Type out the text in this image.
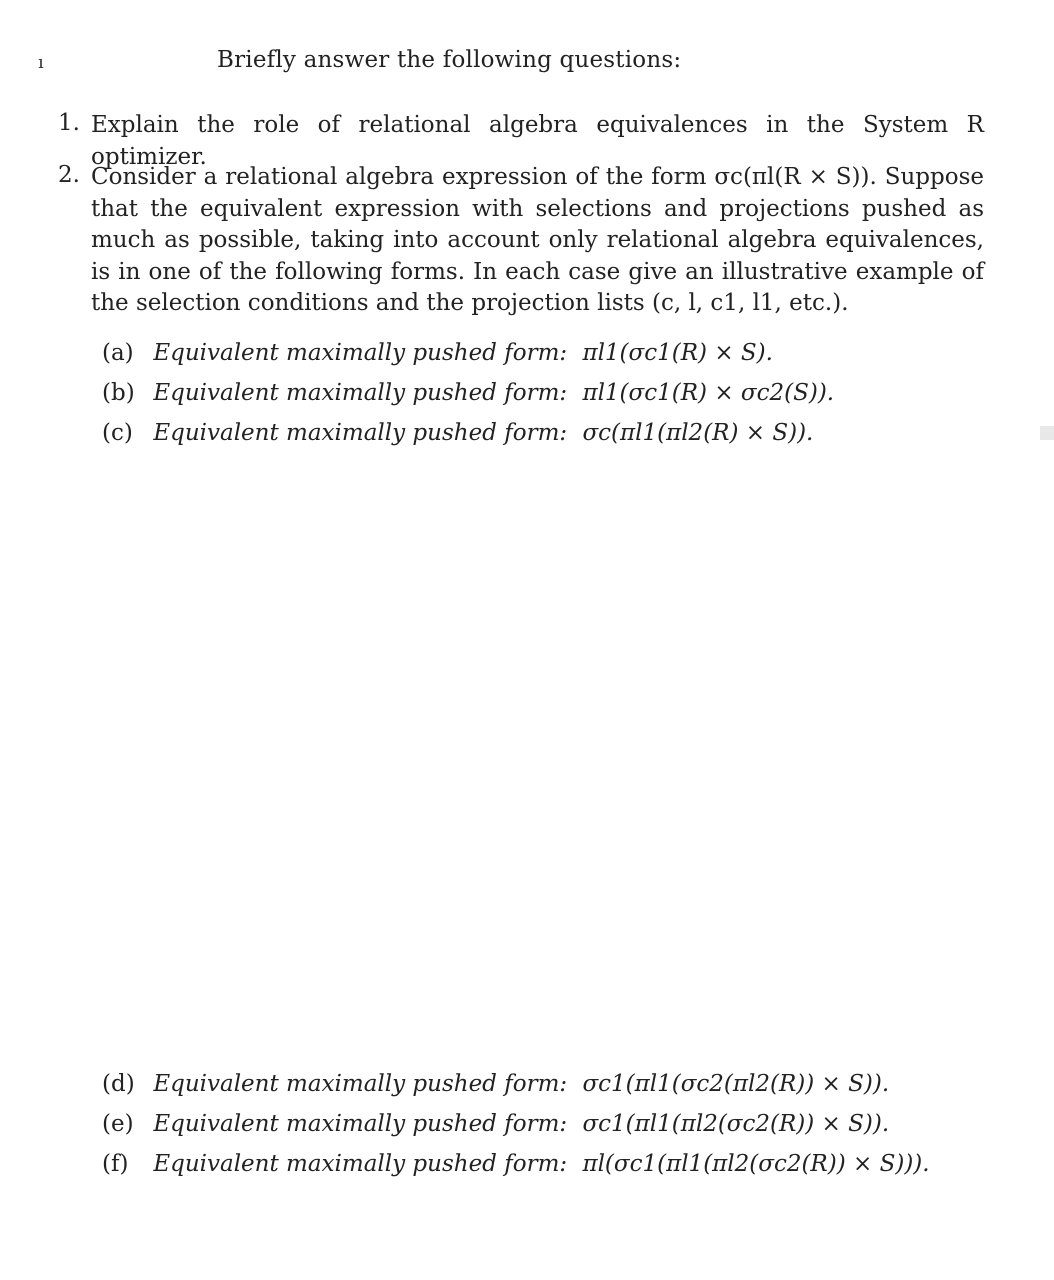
ı	Briefly answer the following questions:
1. Explain the role of relational algebra equivalences in the System R optimizer.
2. Consider a relational algebra expression of the form σc(πl(R × S)). Suppose that the equivalent expression with selections and projections pushed as much as possible, taking into account only relational algebra equivalences, is in one of the following forms. In each case give an illustrative example of the selection conditions and the projection lists (c, l, c1, l1, etc.).
(a) Equivalent maximally pushed form: πl1(σc1(R) × S).
(b) Equivalent maximally pushed form: πl1(σc1(R) × σc2(S)).
(c) Equivalent maximally pushed form: σc(πl1(πl2(R) × S)).
(d) Equivalent maximally pushed form: σc1(πl1(σc2(πl2(R)) × S)).
(e) Equivalent maximally pushed form: σc1(πl1(πl2(σc2(R)) × S)).
(f) Equivalent maximally pushed form: πl(σc1(πl1(πl2(σc2(R)) × S))).
